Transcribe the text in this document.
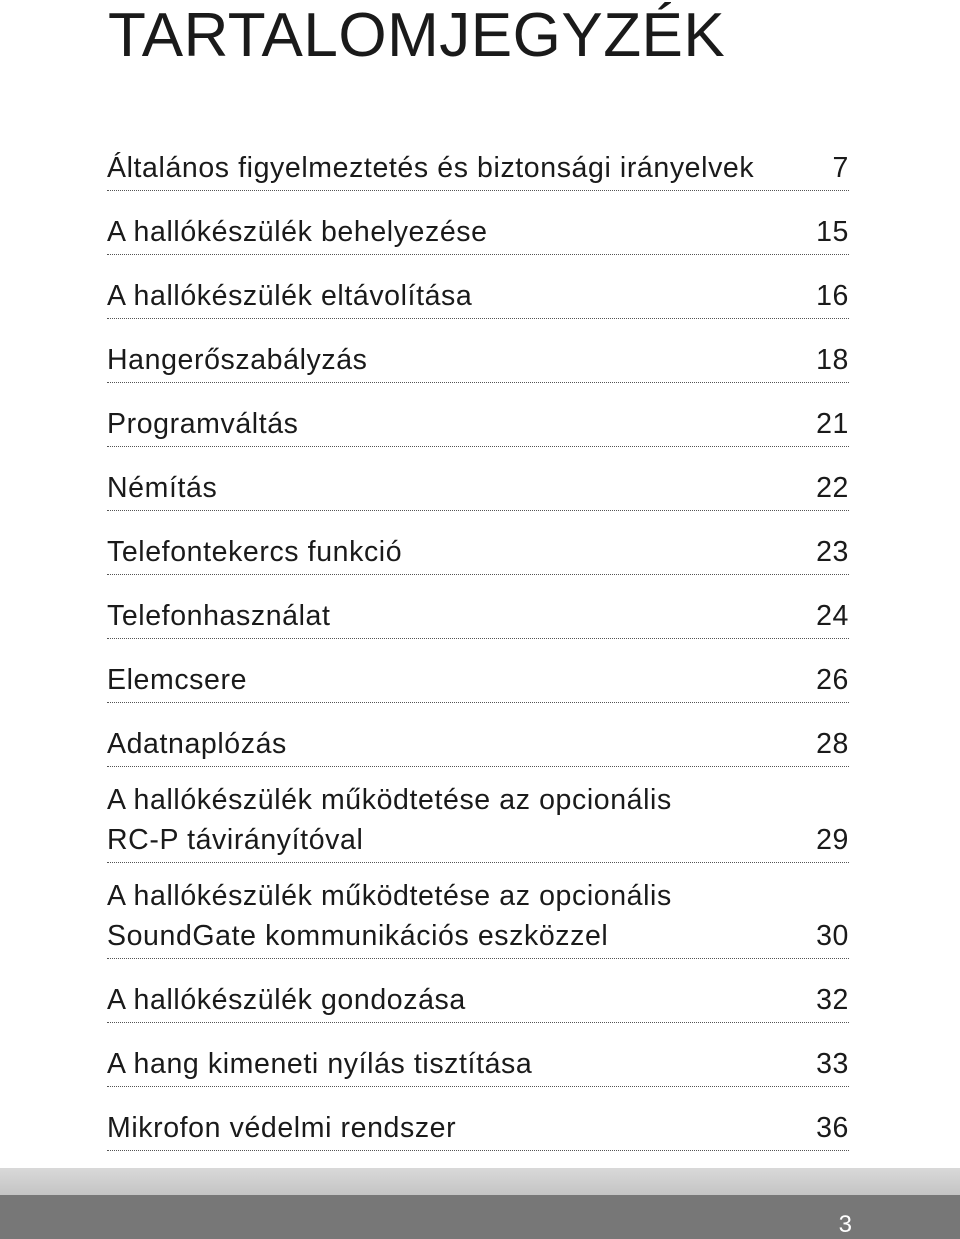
TARTALOMJEGYZÉK
Általános figyelmeztetés és biztonsági irányelvek	7
A hallókészülék behelyezése	15
A hallókészülék eltávolítása	16
Hangerőszabályzás	18
Programváltás	21
Némítás	22
Telefontekercs funkció	23
Telefonhasználat	24
Elemcsere	26
Adatnaplózás	28
A hallókészülék működtetése az opcionális
RC-P távirányítóval	29
A hallókészülék működtetése az opcionális
SoundGate kommunikációs eszközzel	30
A hallókészülék gondozása	32
A hang kimeneti nyílás tisztítása	33
Mikrofon védelmi rendszer	36
3
